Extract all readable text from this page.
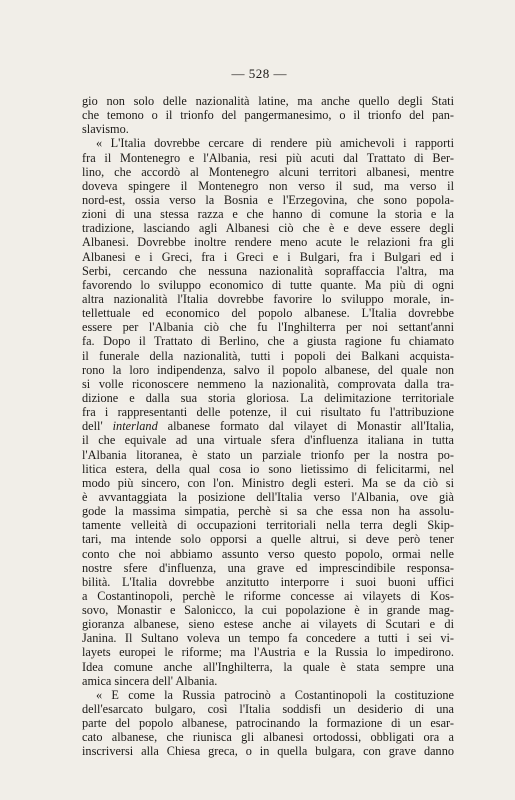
— 528 —
gio non solo delle nazionalità latine, ma anche quello degli Stati
che temono o il trionfo del pangermanesimo, o il trionfo del pan-
slavismo.
« L'Italia dovrebbe cercare di rendere più amichevoli i rapporti
fra il Montenegro e l'Albania, resi più acuti dal Trattato di Ber-
lino, che accordò al Montenegro alcuni territori albanesi, mentre
doveva spingere il Montenegro non verso il sud, ma verso il
nord-est, ossia verso la Bosnia e l'Erzegovina, che sono popola-
zioni di una stessa razza e che hanno di comune la storia e la
tradizione, lasciando agli Albanesi ciò che è e deve essere degli
Albanesi. Dovrebbe inoltre rendere meno acute le relazioni fra gli
Albanesi e i Greci, fra i Greci e i Bulgari, fra i Bulgari ed i
Serbi, cercando che nessuna nazionalità sopraffaccia l'altra, ma
favorendo lo sviluppo economico di tutte quante. Ma più di ogni
altra nazionalità l'Italia dovrebbe favorire lo sviluppo morale, in-
tellettuale ed economico del popolo albanese. L'Italia dovrebbe
essere per l'Albania ciò che fu l'Inghilterra per noi settant'anni
fa. Dopo il Trattato di Berlino, che a giusta ragione fu chiamato
il funerale della nazionalità, tutti i popoli dei Balkani acquista-
rono la loro indipendenza, salvo il popolo albanese, del quale non
si volle riconoscere nemmeno la nazionalità, comprovata dalla tra-
dizione e dalla sua storia gloriosa. La delimitazione territoriale
fra i rappresentanti delle potenze, il cui risultato fu l'attribuzione
dell' interland albanese formato dal vilayet di Monastir all'Italia,
il che equivale ad una virtuale sfera d'influenza italiana in tutta
l'Albania litoranea, è stato un parziale trionfo per la nostra po-
litica estera, della qual cosa io sono lietissimo di felicitarmi, nel
modo più sincero, con l'on. Ministro degli esteri. Ma se da ciò si
è avvantaggiata la posizione dell'Italia verso l'Albania, ove già
gode la massima simpatia, perchè si sa che essa non ha assolu-
tamente velleità di occupazioni territoriali nella terra degli Skip-
tari, ma intende solo opporsi a quelle altrui, si deve però tener
conto che noi abbiamo assunto verso questo popolo, ormai nelle
nostre sfere d'influenza, una grave ed imprescindibile responsa-
bilità. L'Italia dovrebbe anzitutto interporre i suoi buoni uffici
a Costantinopoli, perchè le riforme concesse ai vilayets di Kos-
sovo, Monastir e Salonicco, la cui popolazione è in grande mag-
gioranza albanese, sieno estese anche ai vilayets di Scutari e di
Janina. Il Sultano voleva un tempo fa concedere a tutti i sei vi-
layets europei le riforme; ma l'Austria e la Russia lo impedirono.
Idea comune anche all'Inghilterra, la quale è stata sempre una
amica sincera dell' Albania.
« E come la Russia patrocinò a Costantinopoli la costituzione
dell'esarcato bulgaro, così l'Italia soddisfi un desiderio di una
parte del popolo albanese, patrocinando la formazione di un esar-
cato albanese, che riunisca gli albanesi ortodossi, obbligati ora a
inscriversi alla Chiesa greca, o in quella bulgara, con grave danno
